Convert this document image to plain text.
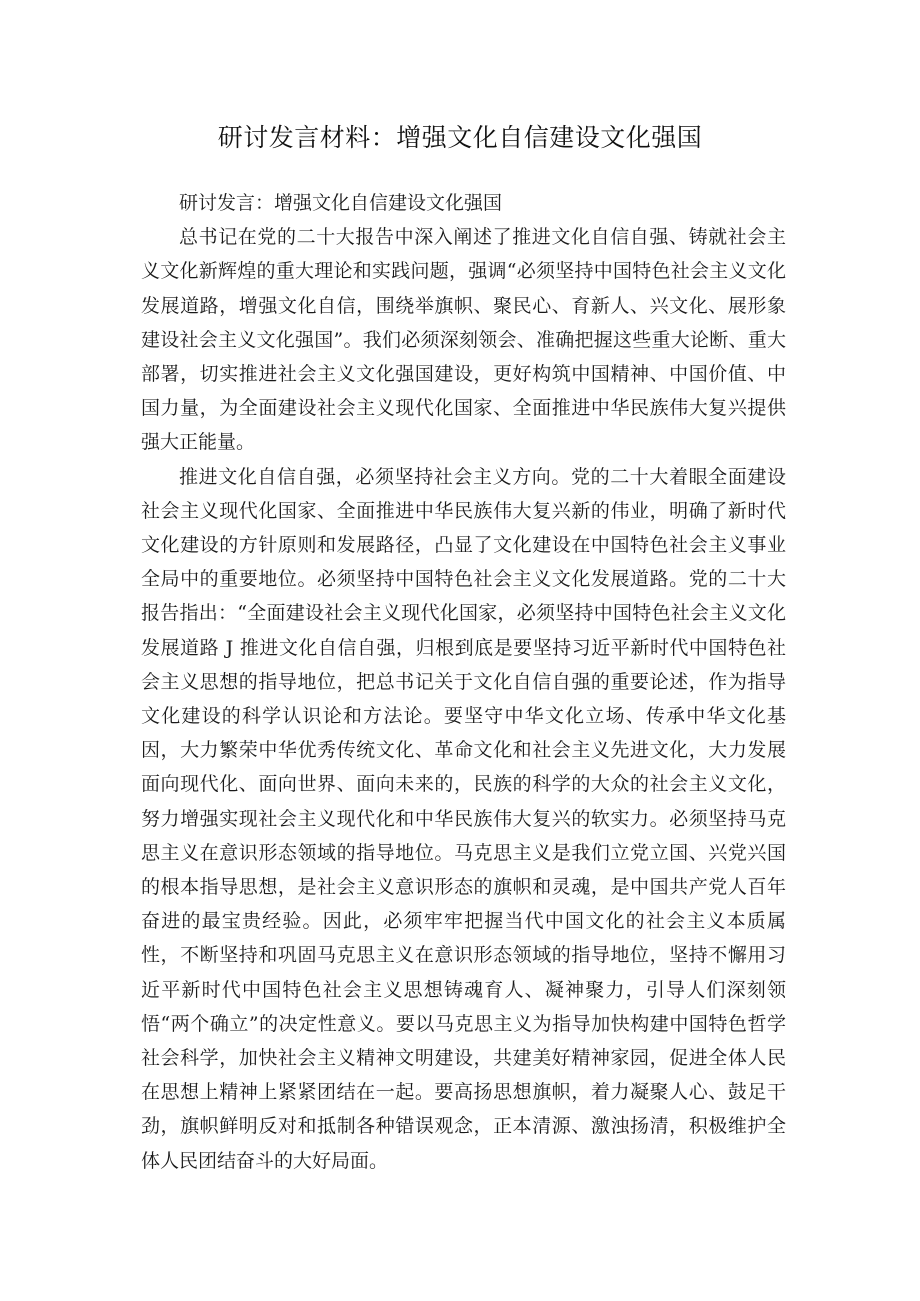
研讨发言材料：增强文化自信建设文化强国

研讨发言：增强文化自信建设文化强国

总书记在党的二十大报告中深入阐述了推进文化自信自强、铸就社会主义文化新辉煌的重大理论和实践问题，强调“必须坚持中国特色社会主义文化发展道路，增强文化自信，围绕举旗帜、聚民心、育新人、兴文化、展形象建设社会主义文化强国”。我们必须深刻领会、准确把握这些重大论断、重大部署，切实推进社会主义文化强国建设，更好构筑中国精神、中国价值、中国力量，为全面建设社会主义现代化国家、全面推进中华民族伟大复兴提供强大正能量。

推进文化自信自强，必须坚持社会主义方向。党的二十大着眼全面建设社会主义现代化国家、全面推进中华民族伟大复兴新的伟业，明确了新时代文化建设的方针原则和发展路径，凸显了文化建设在中国特色社会主义事业全局中的重要地位。必须坚持中国特色社会主义文化发展道路。党的二十大报告指出：“全面建设社会主义现代化国家，必须坚持中国特色社会主义文化发展道路 J 推进文化自信自强，归根到底是要坚持习近平新时代中国特色社会主义思想的指导地位，把总书记关于文化自信自强的重要论述，作为指导文化建设的科学认识论和方法论。要坚守中华文化立场、传承中华文化基因，大力繁荣中华优秀传统文化、革命文化和社会主义先进文化，大力发展面向现代化、面向世界、面向未来的，民族的科学的大众的社会主义文化，努力增强实现社会主义现代化和中华民族伟大复兴的软实力。必须坚持马克思主义在意识形态领域的指导地位。马克思主义是我们立党立国、兴党兴国的根本指导思想，是社会主义意识形态的旗帜和灵魂，是中国共产党人百年奋进的最宝贵经验。因此，必须牢牢把握当代中国文化的社会主义本质属性，不断坚持和巩固马克思主义在意识形态领域的指导地位，坚持不懈用习近平新时代中国特色社会主义思想铸魂育人、凝神聚力，引导人们深刻领悟“两个确立”的决定性意义。要以马克思主义为指导加快构建中国特色哲学社会科学，加快社会主义精神文明建设，共建美好精神家园，促进全体人民在思想上精神上紧紧团结在一起。要高扬思想旗帜，着力凝聚人心、鼓足干劲，旗帜鲜明反对和抵制各种错误观念，正本清源、激浊扬清，积极维护全体人民团结奋斗的大好局面。
